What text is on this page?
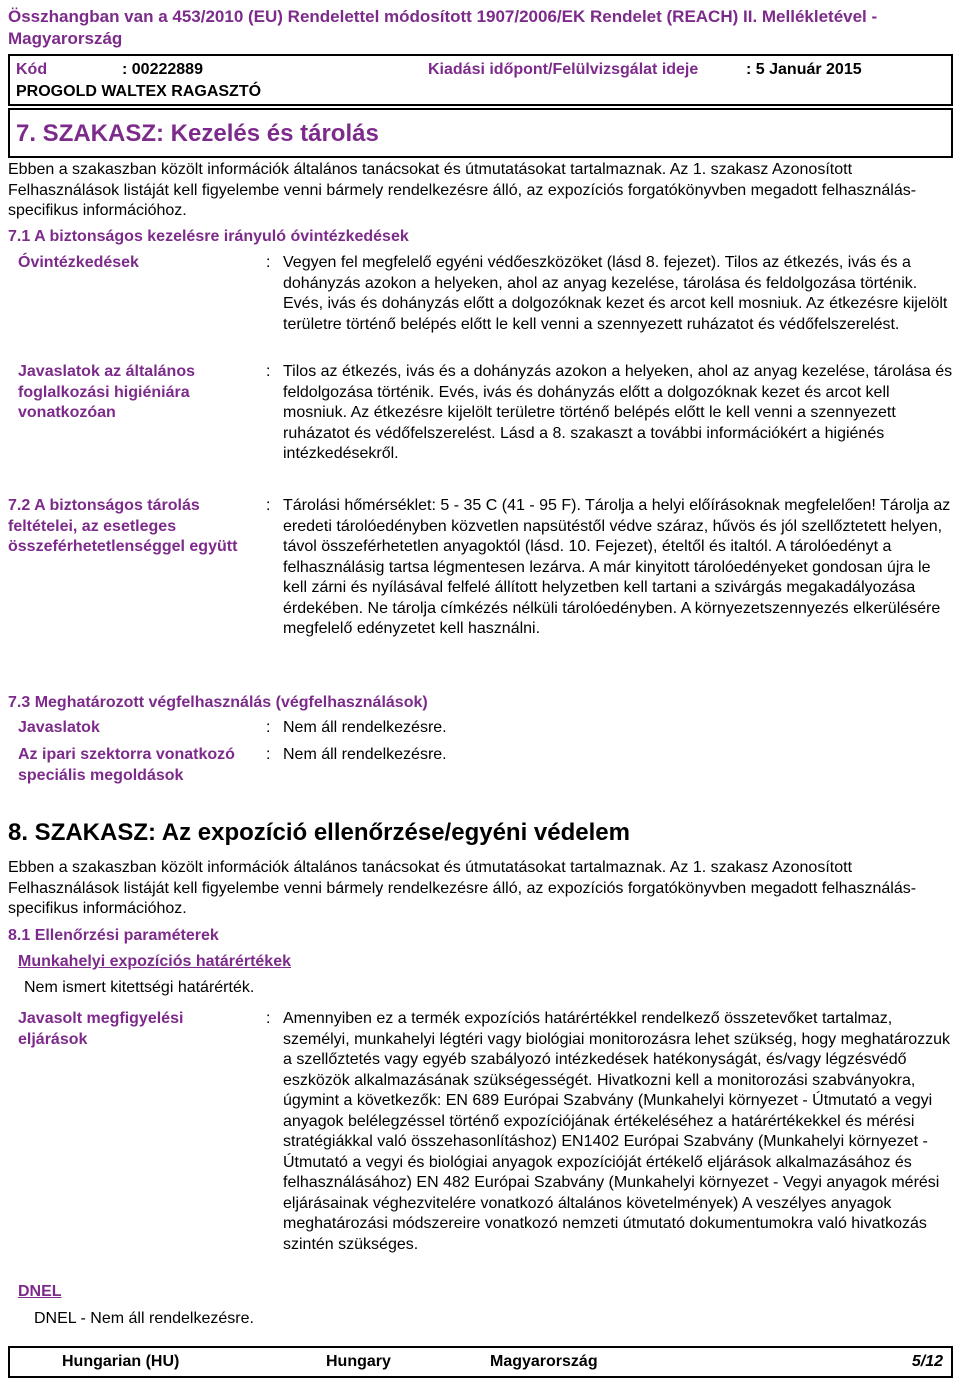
Összhangban van a 453/2010 (EU) Rendelettel módosított 1907/2006/EK Rendelet (REACH) II. Mellékletével - Magyarország
Kód	: 00222889	Kiadási időpont/Felülvizsgálat ideje	: 5 Január 2015
PROGOLD WALTEX RAGASZTÓ
7. SZAKASZ: Kezelés és tárolás
Ebben a szakaszban közölt információk általános tanácsokat és útmutatásokat tartalmaznak. Az 1. szakasz Azonosított Felhasználások listáját kell figyelembe venni bármely rendelkezésre álló, az expozíciós forgatókönyvben megadott felhasználás-specifikus információhoz.
7.1 A biztonságos kezelésre irányuló óvintézkedések
Óvintézkedések	: Vegyen fel megfelelő egyéni védőeszközöket (lásd 8. fejezet). Tilos az étkezés, ivás és a dohányzás azokon a helyeken, ahol az anyag kezelése, tárolása és feldolgozása történik. Evés, ivás és dohányzás előtt a dolgozóknak kezet és arcot kell mosniuk. Az étkezésre kijelölt területre történő belépés előtt le kell venni a szennyezett ruházatot és védőfelszerelést.
Javaslatok az általános foglalkozási higiéniára vonatkozóan
: Tilos az étkezés, ivás és a dohányzás azokon a helyeken, ahol az anyag kezelése, tárolása és feldolgozása történik. Evés, ivás és dohányzás előtt a dolgozóknak kezet és arcot kell mosniuk. Az étkezésre kijelölt területre történő belépés előtt le kell venni a szennyezett ruházatot és védőfelszerelést. Lásd a 8. szakaszt a további információkért a higiénés intézkedésekről.
7.2 A biztonságos tárolás feltételei, az esetleges összeférhetetlenséggel együtt
: Tárolási hőmérséklet: 5 - 35 C (41 - 95 F). Tárolja a helyi előírásoknak megfelelően! Tárolja az eredeti tárolóedényben közvetlen napsütéstől védve száraz, hűvös és jól szellőztetett helyen, távol összeférhetetlen anyagoktól (lásd. 10. Fejezet), ételtől és italtól. A tárolóedényt a felhasználásig tartsa légmentesen lezárva. A már kinyitott tárolóedényeket gondosan újra le kell zárni és nyílásával felfelé állított helyzetben kell tartani a szivárgás megakadályozása érdekében. Ne tárolja címkézés nélküli tárolóedényben. A környezetszennyezés elkerülésére megfelelő edényzetet kell használni.
7.3 Meghatározott végfelhasználás (végfelhasználások)
Javaslatok	: Nem áll rendelkezésre.
Az ipari szektorra vonatkozó speciális megoldások
: Nem áll rendelkezésre.
8. SZAKASZ: Az expozíció ellenőrzése/egyéni védelem
Ebben a szakaszban közölt információk általános tanácsokat és útmutatásokat tartalmaznak. Az 1. szakasz Azonosított Felhasználások listáját kell figyelembe venni bármely rendelkezésre álló, az expozíciós forgatókönyvben megadott felhasználás-specifikus információhoz.
8.1 Ellenőrzési paraméterek
Munkahelyi expozíciós határértékek
Nem ismert kitettségi határérték.
Javasolt megfigyelési eljárások
: Amennyiben ez a termék expozíciós határértékkel rendelkező összetevőket tartalmaz, személyi, munkahelyi légtéri vagy biológiai monitorozásra lehet szükség, hogy meghatározzuk a szellőztetés vagy egyéb szabályozó intézkedések hatékonyságát, és/vagy légzésvédő eszközök alkalmazásának szükségességét. Hivatkozni kell a monitorozási szabványokra, úgymint a következők: EN 689 Európai Szabvány (Munkahelyi környezet - Útmutató a vegyi anyagok belélegzéssel történő expozíciójának értékeléséhez a határértékekkel és mérési stratégiákkal való összehasonlításhoz) EN1402 Európai Szabvány (Munkahelyi környezet - Útmutató a vegyi és biológiai anyagok expozícióját értékelő eljárások alkalmazásához és felhasználásához) EN 482 Európai Szabvány (Munkahelyi környezet - Vegyi anyagok mérési eljárásainak véghezvitelére vonatkozó általános követelmények) A veszélyes anyagok meghatározási módszereire vonatkozó nemzeti útmutató dokumentumokra való hivatkozás szintén szükséges.
DNEL
DNEL - Nem áll rendelkezésre.
Hungarian (HU)	Hungary	Magyarország	5/12
